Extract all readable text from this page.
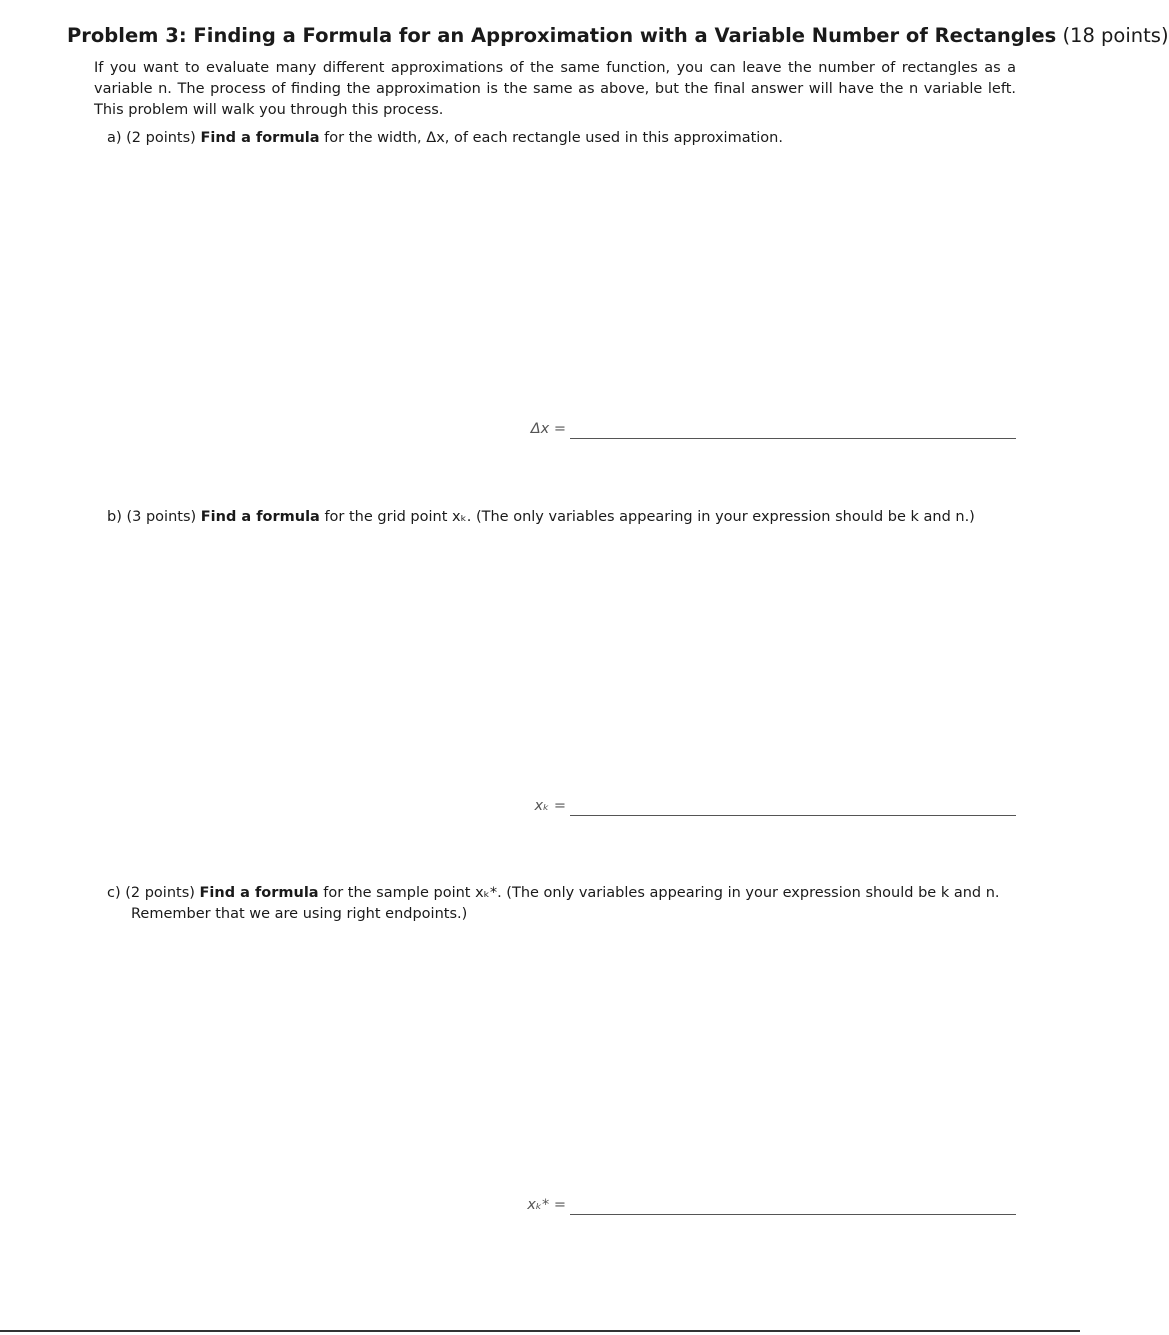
Problem 3: Finding a Formula for an Approximation with a Variable Number of Rectangles (18 points)
If you want to evaluate many different approximations of the same function, you can leave the number of rectangles as a variable n. The process of finding the approximation is the same as above, but the final answer will have the n variable left. This problem will walk you through this process.
a) (2 points) Find a formula for the width, Δx, of each rectangle used in this approximation.
Δx =
b) (3 points) Find a formula for the grid point xₖ. (The only variables appearing in your expression should be k and n.)
xₖ =
c) (2 points) Find a formula for the sample point xₖ*. (The only variables appearing in your expression should be k and n.
Remember that we are using right endpoints.)
xₖ* =
